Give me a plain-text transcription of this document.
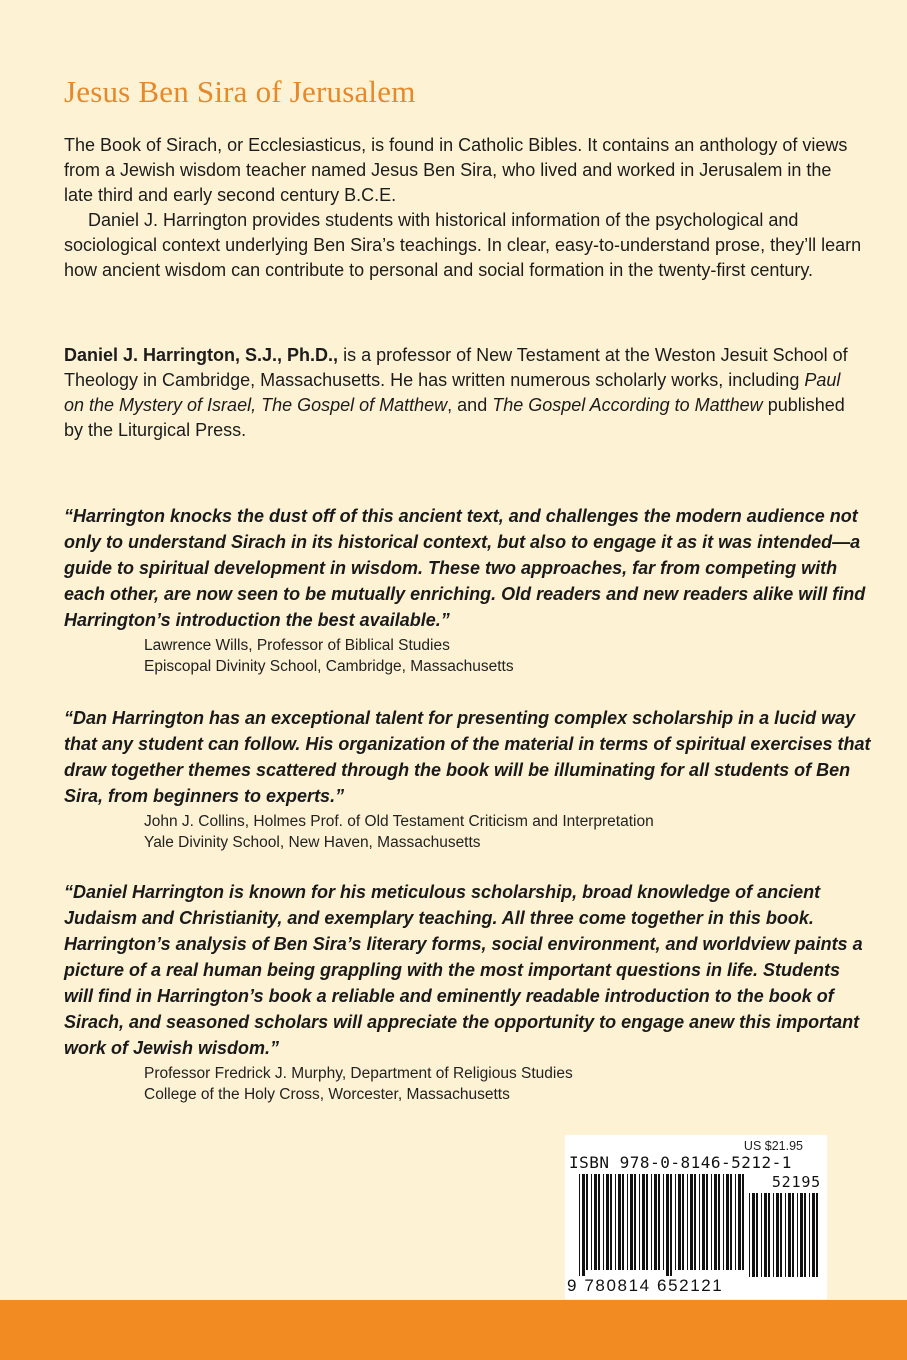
Jesus Ben Sira of Jerusalem

The Book of Sirach, or Ecclesiasticus, is found in Catholic Bibles. It contains an anthology of views from a Jewish wisdom teacher named Jesus Ben Sira, who lived and worked in Jerusalem in the late third and early second century B.C.E.

Daniel J. Harrington provides students with historical information of the psychological and sociological context underlying Ben Sira’s teachings. In clear, easy-to-understand prose, they’ll learn how ancient wisdom can contribute to personal and social formation in the twenty-first century.

Daniel J. Harrington, S.J., Ph.D., is a professor of New Testament at the Weston Jesuit School of Theology in Cambridge, Massachusetts. He has written numerous scholarly works, including Paul on the Mystery of Israel, The Gospel of Matthew, and The Gospel According to Matthew published by the Liturgical Press.

“Harrington knocks the dust off of this ancient text, and challenges the modern audience not only to understand Sirach in its historical context, but also to engage it as it was intended—a guide to spiritual development in wisdom. These two approaches, far from competing with each other, are now seen to be mutually enriching. Old readers and new readers alike will find Harrington’s introduction the best available.”

Lawrence Wills, Professor of Biblical Studies
Episcopal Divinity School, Cambridge, Massachusetts

“Dan Harrington has an exceptional talent for presenting complex scholarship in a lucid way that any student can follow. His organization of the material in terms of spiritual exercises that draw together themes scattered through the book will be illuminating for all students of Ben Sira, from beginners to experts.”

John J. Collins, Holmes Prof. of Old Testament Criticism and Interpretation
Yale Divinity School, New Haven, Massachusetts

“Daniel Harrington is known for his meticulous scholarship, broad knowledge of ancient Judaism and Christianity, and exemplary teaching. All three come together in this book. Harrington’s analysis of Ben Sira’s literary forms, social environment, and worldview paints a picture of a real human being grappling with the most important questions in life. Students will find in Harrington’s book a reliable and eminently readable introduction to the book of Sirach, and seasoned scholars will appreciate the opportunity to engage anew this important work of Jewish wisdom.”

Professor Fredrick J. Murphy, Department of Religious Studies
College of the Holy Cross, Worcester, Massachusetts
US $21.95
ISBN 978-0-8146-5212-1
52195
9 780814 652121
